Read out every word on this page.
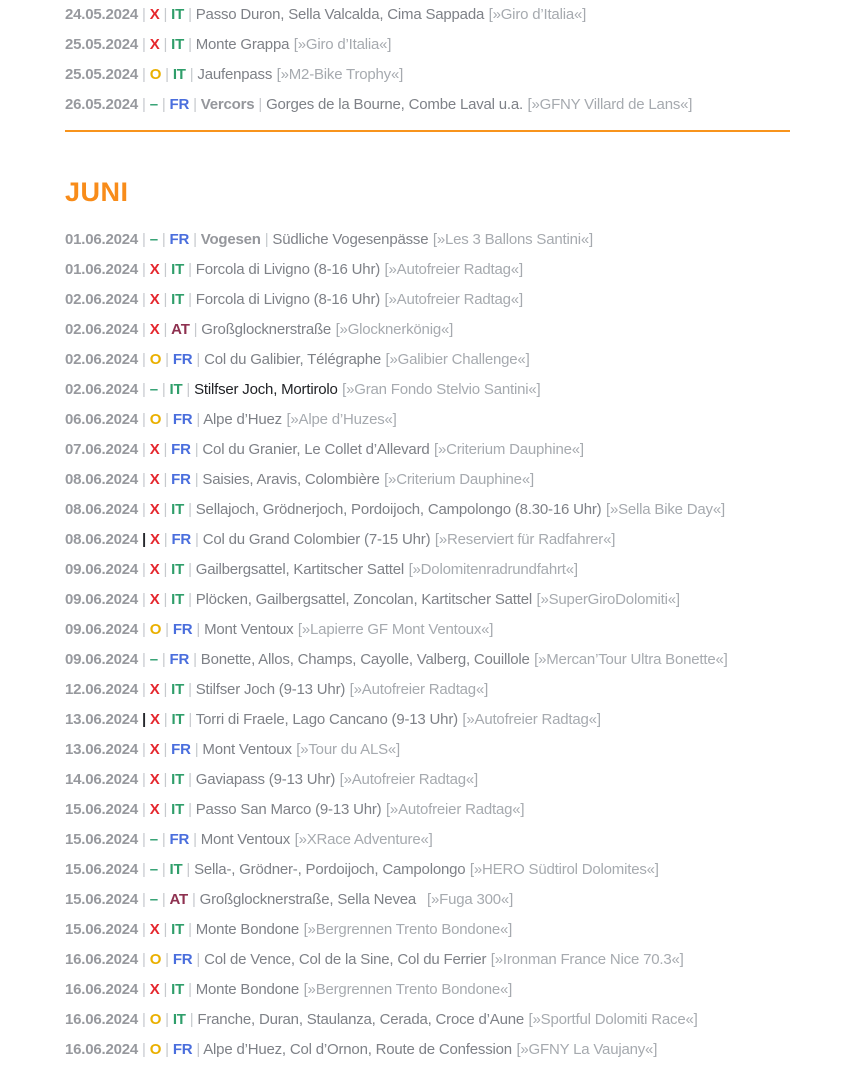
24.05.2024 | X | IT | Passo Duron, Sella Valcalda, Cima Sappada [»Giro d’Italia«]
25.05.2024 | X | IT | Monte Grappa [»Giro d’Italia«]
25.05.2024 | O | IT | Jaufenpass [»M2-Bike Trophy«]
26.05.2024 | – | FR | Vercors | Gorges de la Bourne, Combe Laval u.a. [»GFNY Villard de Lans«]
JUNI
01.06.2024 | – | FR | Vogesen | Südliche Vogesenpässe [»Les 3 Ballons Santini«]
01.06.2024 | X | IT | Forcola di Livigno (8-16 Uhr) [»Autofreier Radtag«]
02.06.2024 | X | IT | Forcola di Livigno (8-16 Uhr) [»Autofreier Radtag«]
02.06.2024 | X | AT | Großglocknerstraße [»Glocknerkönig«]
02.06.2024 | O | FR | Col du Galibier, Télégraphe [»Galibier Challenge«]
02.06.2024 | – | IT | Stilfser Joch, Mortirolo [»Gran Fondo Stelvio Santini«]
06.06.2024 | O | FR | Alpe d’Huez [»Alpe d’Huzes«]
07.06.2024 | X | FR | Col du Granier, Le Collet d’Allevard [»Criterium Dauphine«]
08.06.2024 | X | FR | Saisies, Aravis, Colombière [»Criterium Dauphine«]
08.06.2024 | X | IT | Sellajoch, Grödnerjoch, Pordoijoch, Campolongo (8.30-16 Uhr) [»Sella Bike Day«]
08.06.2024 | X | FR | Col du Grand Colombier (7-15 Uhr) [»Reserviert für Radfahrer«]
09.06.2024 | X | IT | Gailbergsattel, Kartitscher Sattel [»Dolomitenradrundfahrt«]
09.06.2024 | X | IT | Plöcken, Gailbergsattel, Zoncolan, Kartitscher Sattel [»SuperGiroDolomiti«]
09.06.2024 | O | FR | Mont Ventoux [»Lapierre GF Mont Ventoux«]
09.06.2024 | – | FR | Bonette, Allos, Champs, Cayolle, Valberg, Couillole [»Mercan’Tour Ultra Bonette«]
12.06.2024 | X | IT | Stilfser Joch (9-13 Uhr) [»Autofreier Radtag«]
13.06.2024 | X | IT | Torri di Fraele, Lago Cancano (9-13 Uhr) [»Autofreier Radtag«]
13.06.2024 | X | FR | Mont Ventoux [»Tour du ALS«]
14.06.2024 | X | IT | Gaviapass (9-13 Uhr) [»Autofreier Radtag«]
15.06.2024 | X | IT | Passo San Marco (9-13 Uhr) [»Autofreier Radtag«]
15.06.2024 | – | FR | Mont Ventoux [»XRace Adventure«]
15.06.2024 | – | IT | Sella-, Grödner-, Pordoijoch, Campolongo [»HERO Südtirol Dolomites«]
15.06.2024 | – | AT | Großglocknerstraße, Sella Nevea [»Fuga 300«]
15.06.2024 | X | IT | Monte Bondone [»Bergrennen Trento Bondone«]
16.06.2024 | O | FR | Col de Vence, Col de la Sine, Col du Ferrier [»Ironman France Nice 70.3«]
16.06.2024 | X | IT | Monte Bondone [»Bergrennen Trento Bondone«]
16.06.2024 | O | IT | Franche, Duran, Staulanza, Cerada, Croce d’Aune [»Sportful Dolomiti Race«]
16.06.2024 | O | FR | Alpe d’Huez, Col d’Ornon, Route de Confession [»GFNY La Vaujany«]
